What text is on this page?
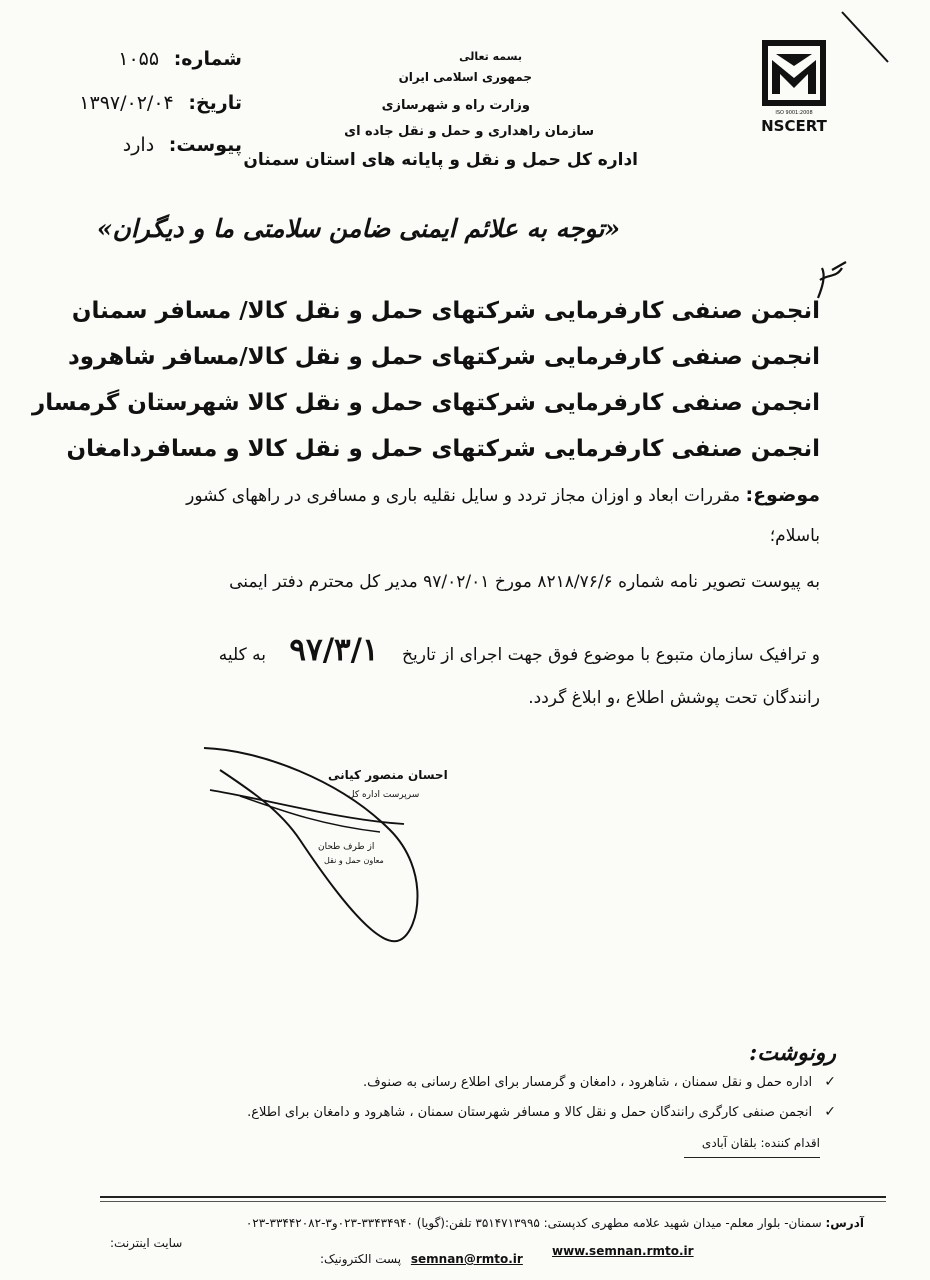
شماره: ۱۰۵۵
تاریخ: ۱۳۹۷/۰۲/۰۴
پیوست: دارد
بسمه تعالی
جمهوری اسلامی ایران
وزارت راه و شهرسازی
سازمان راهداری و حمل و نقل جاده ای
اداره کل حمل و نقل و پایانه های استان سمنان
ISO 9001:2008
NSCERT
«توجه به علائم ایمنی ضامن سلامتی ما و دیگران»
انجمن صنفی کارفرمایی شرکتهای حمل و نقل کالا/ مسافر سمنان
انجمن صنفی کارفرمایی شرکتهای حمل و نقل کالا/مسافر شاهرود
انجمن صنفی کارفرمایی شرکتهای حمل و نقل کالا شهرستان گرمسار
انجمن صنفی کارفرمایی شرکتهای حمل و نقل کالا و مسافردامغان
موضوع: مقررات ابعاد و اوزان مجاز تردد و سایل نقلیه باری و مسافری در راههای کشور
باسلام؛
به پیوست تصویر نامه شماره ۸۲۱۸/۷۶/۶ مورخ ۹۷/۰۲/۰۱ مدیر کل محترم دفتر ایمنی
و ترافیک سازمان متبوع با موضوع فوق جهت اجرای از تاریخ ۹۷/۳/۱ به کلیه
رانندگان تحت پوشش اطلاع ،و ابلاغ گردد.
احسان منصور کیانی
سرپرست اداره کل
از طرف طحان
معاون حمل و نقل
رونوشت:
✓ اداره حمل و نقل سمنان ، شاهرود ، دامغان و گرمسار برای اطلاع رسانی به صنوف.
✓ انجمن صنفی کارگری رانندگان حمل و نقل کالا و مسافر شهرستان سمنان ، شاهرود و دامغان برای اطلاع.
اقدام کننده: بلقان آبادی
آدرس: سمنان- بلوار معلم- میدان شهید علامه مطهری کدپستی: ۳۵۱۴۷۱۳۹۹۵ تلفن:(گویا) ۳۳۴۳۴۹۴۰-۰۲۳و۳-۳۳۴۴۲۰۸۲-۰۲۳
سایت اینترنت:
www.semnan.rmto.ir
semnan@rmto.ir پست الکترونیک:
